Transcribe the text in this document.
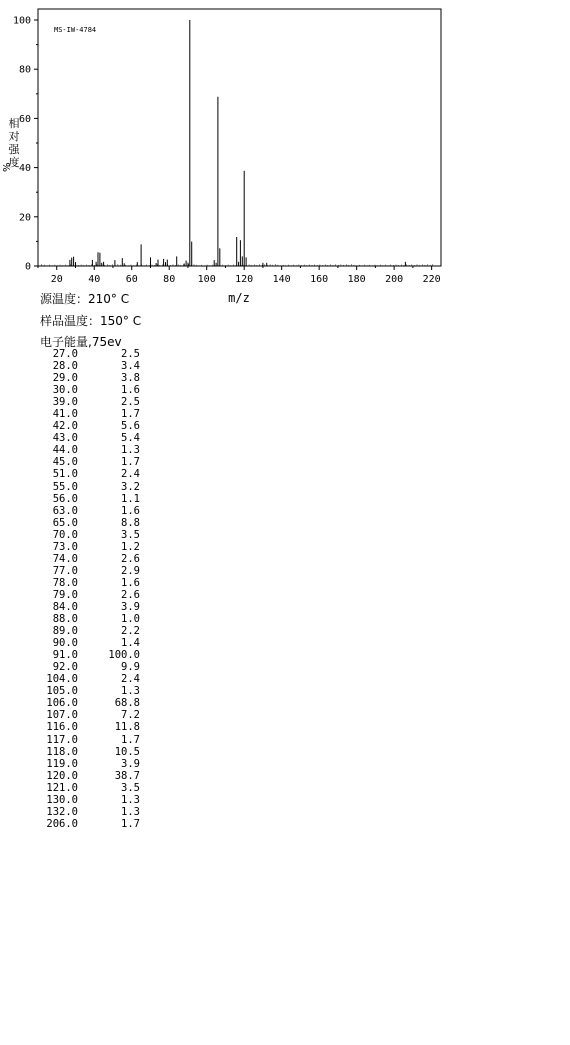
20	40	60	80 100 120 140 160 180 200 220
0
20
40
60
80
100
MS-IW-4784
m/z
相
对
强
度
%
源温度：210° C
样品温度：150° C
电子能量,75ev
27.0	2.5
28.0	3.4
29.0	3.8
30.0	1.6
39.0	2.5
41.0	1.7
42.0	5.6
43.0	5.4
44.0	1.3
45.0	1.7
51.0	2.4
55.0	3.2
56.0	1.1
63.0	1.6
65.0	8.8
70.0	3.5
73.0	1.2
74.0	2.6
77.0	2.9
78.0	1.6
79.0	2.6
84.0	3.9
88.0	1.0
89.0	2.2
90.0	1.4
91.0	100.0
92.0	9.9
104.0	2.4
105.0	1.3
106.0	68.8
107.0	7.2
116.0	11.8
117.0	1.7
118.0	10.5
119.0	3.9
120.0	38.7
121.0	3.5
130.0	1.3
132.0	1.3
206.0	1.7
